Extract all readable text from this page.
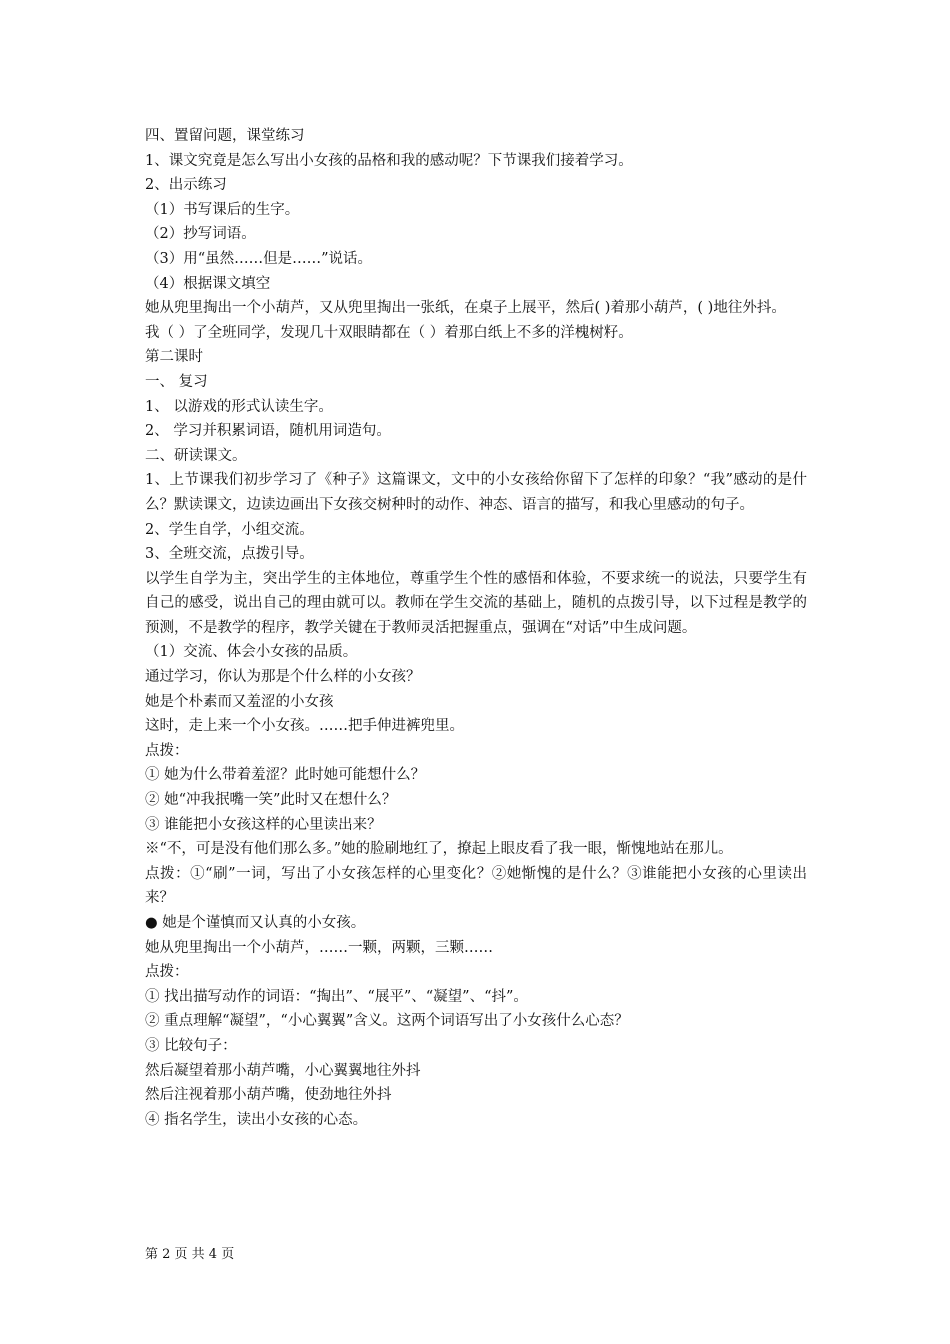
四、置留问题，课堂练习

1、课文究竟是怎么写出小女孩的品格和我的感动呢？下节课我们接着学习。

2、出示练习

（1）书写课后的生字。

（2）抄写词语。

（3）用“虽然……但是……”说话。

（4）根据课文填空

她从兜里掏出一个小葫芦，又从兜里掏出一张纸，在桌子上展平，然后( )着那小葫芦，( )地往外抖。

我（ ）了全班同学，发现几十双眼睛都在（ ）着那白纸上不多的洋槐树籽。

第二课时

一、 复习

1、 以游戏的形式认读生字。

2、 学习并积累词语，随机用词造句。

二、研读课文。

1、上节课我们初步学习了《种子》这篇课文，文中的小女孩给你留下了怎样的印象？“我”感动的是什么？默读课文，边读边画出下女孩交树种时的动作、神态、语言的描写，和我心里感动的句子。

2、学生自学，小组交流。

3、全班交流，点拨引导。

以学生自学为主，突出学生的主体地位，尊重学生个性的感悟和体验，不要求统一的说法，只要学生有自己的感受，说出自己的理由就可以。教师在学生交流的基础上，随机的点拨引导，以下过程是教学的预测，不是教学的程序，教学关键在于教师灵活把握重点，强调在“对话”中生成问题。

（1）交流、体会小女孩的品质。

通过学习，你认为那是个什么样的小女孩？

她是个朴素而又羞涩的小女孩

这时，走上来一个小女孩。……把手伸进裤兜里。

点拨：

① 她为什么带着羞涩？此时她可能想什么？

② 她“冲我抿嘴一笑”此时又在想什么？

③ 谁能把小女孩这样的心里读出来？

※“不，可是没有他们那么多。”她的脸刷地红了，撩起上眼皮看了我一眼，惭愧地站在那儿。

点拨：①“刷”一词，写出了小女孩怎样的心里变化？②她惭愧的是什么？③谁能把小女孩的心里读出来？

● 她是个谨慎而又认真的小女孩。

她从兜里掏出一个小葫芦，……一颗，两颗，三颗……

点拨：

① 找出描写动作的词语：“掏出”、“展平”、“凝望”、“抖”。

② 重点理解“凝望”，“小心翼翼”含义。这两个词语写出了小女孩什么心态？

③ 比较句子：

然后凝望着那小葫芦嘴，小心翼翼地往外抖

然后注视着那小葫芦嘴，使劲地往外抖

④ 指名学生，读出小女孩的心态。

第 2 页 共 4 页
